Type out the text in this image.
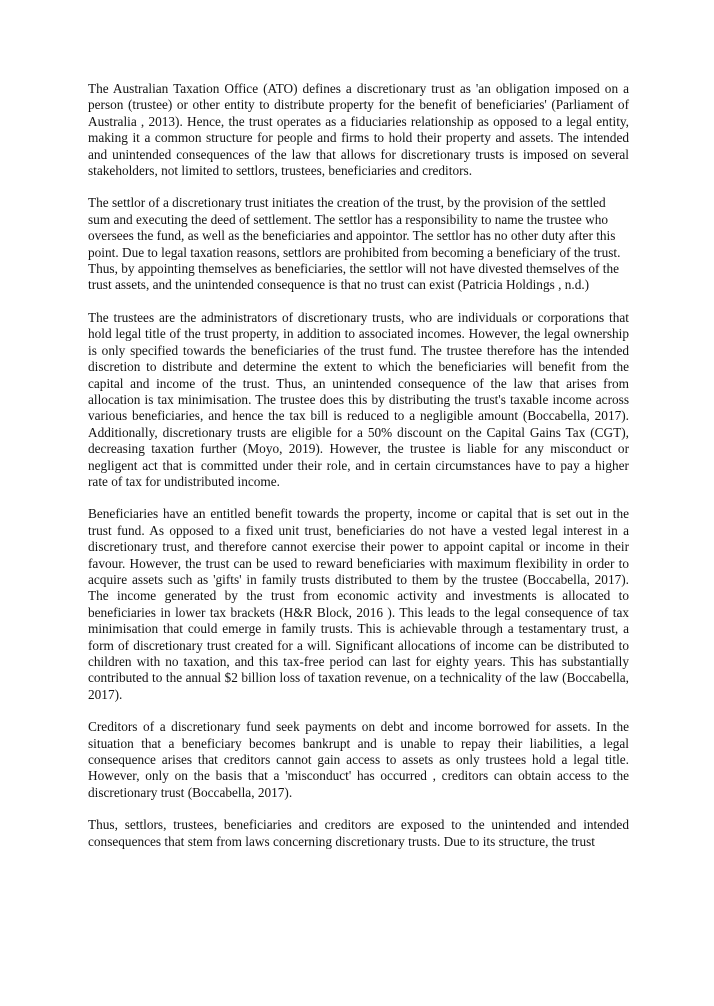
The Australian Taxation Office (ATO) defines a discretionary trust as 'an obligation imposed on a person (trustee) or other entity to distribute property for the benefit of beneficiaries' (Parliament of Australia , 2013). Hence, the trust operates as a fiduciaries relationship as opposed to a legal entity, making it a common structure for people and firms to hold their property and assets. The intended and unintended consequences of the law that allows for discretionary trusts is imposed on several stakeholders, not limited to settlors, trustees, beneficiaries and creditors.

The settlor of a discretionary trust initiates the creation of the trust, by the provision of the settled sum and executing the deed of settlement. The settlor has a responsibility to name the trustee who oversees the fund, as well as the beneficiaries and appointor. The settlor has no other duty after this point. Due to legal taxation reasons, settlors are prohibited from becoming a beneficiary of the trust. Thus, by appointing themselves as beneficiaries, the settlor will not have divested themselves of the trust assets, and the unintended consequence is that no trust can exist (Patricia Holdings , n.d.)

The trustees are the administrators of discretionary trusts, who are individuals or corporations that hold legal title of the trust property, in addition to associated incomes. However, the legal ownership is only specified towards the beneficiaries of the trust fund. The trustee therefore has the intended discretion to distribute and determine the extent to which the beneficiaries will benefit from the capital and income of the trust. Thus, an unintended consequence of the law that arises from allocation is tax minimisation. The trustee does this by distributing the trust's taxable income across various beneficiaries, and hence the tax bill is reduced to a negligible amount (Boccabella, 2017). Additionally, discretionary trusts are eligible for a 50% discount on the Capital Gains Tax (CGT), decreasing taxation further (Moyo, 2019). However, the trustee is liable for any misconduct or negligent act that is committed under their role, and in certain circumstances have to pay a higher rate of tax for undistributed income.

Beneficiaries have an entitled benefit towards the property, income or capital that is set out in the trust fund. As opposed to a fixed unit trust, beneficiaries do not have a vested legal interest in a discretionary trust, and therefore cannot exercise their power to appoint capital or income in their favour. However, the trust can be used to reward beneficiaries with maximum flexibility in order to acquire assets such as 'gifts' in family trusts distributed to them by the trustee (Boccabella, 2017). The income generated by the trust from economic activity and investments is allocated to beneficiaries in lower tax brackets (H&R Block, 2016 ). This leads to the legal consequence of tax minimisation that could emerge in family trusts. This is achievable through a testamentary trust, a form of discretionary trust created for a will. Significant allocations of income can be distributed to children with no taxation, and this tax-free period can last for eighty years. This has substantially contributed to the annual $2 billion loss of taxation revenue, on a technicality of the law (Boccabella, 2017).

Creditors of a discretionary fund seek payments on debt and income borrowed for assets. In the situation that a beneficiary becomes bankrupt and is unable to repay their liabilities, a legal consequence arises that creditors cannot gain access to assets as only trustees hold a legal title. However, only on the basis that a 'misconduct' has occurred , creditors can obtain access to the discretionary trust (Boccabella, 2017).

Thus, settlors, trustees, beneficiaries and creditors are exposed to the unintended and intended consequences that stem from laws concerning discretionary trusts. Due to its structure, the trust
